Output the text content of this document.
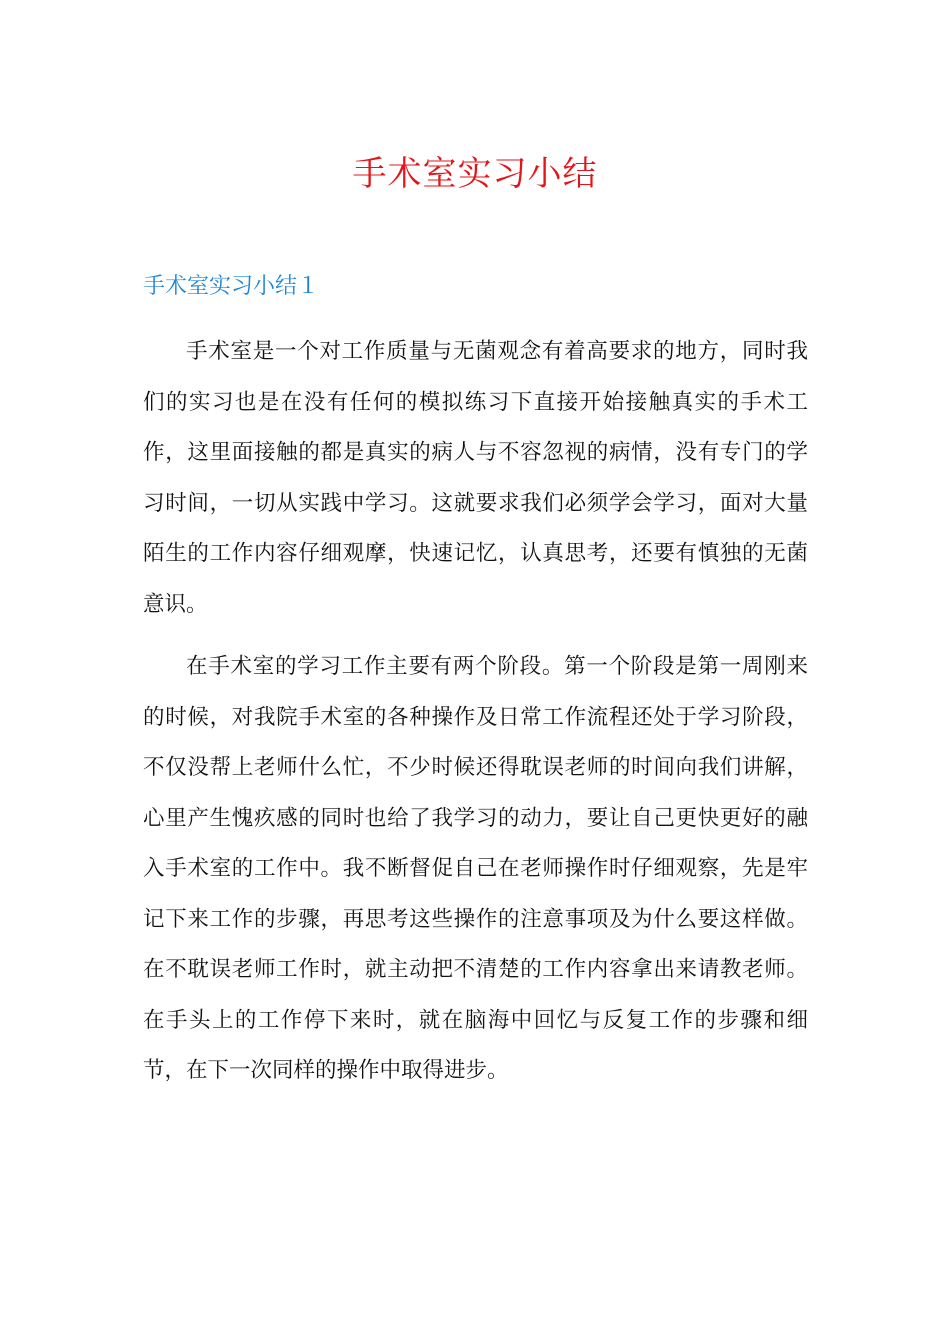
手术室实习小结
手术室实习小结１

手术室是一个对工作质量与无菌观念有着高要求的地方，同时我们的实习也是在没有任何的模拟练习下直接开始接触真实的手术工作，这里面接触的都是真实的病人与不容忽视的病情，没有专门的学习时间，一切从实践中学习。这就要求我们必须学会学习，面对大量陌生的工作内容仔细观摩，快速记忆，认真思考，还要有慎独的无菌意识。

在手术室的学习工作主要有两个阶段。第一个阶段是第一周刚来的时候，对我院手术室的各种操作及日常工作流程还处于学习阶段，不仅没帮上老师什么忙，不少时候还得耽误老师的时间向我们讲解，心里产生愧疚感的同时也给了我学习的动力，要让自己更快更好的融入手术室的工作中。我不断督促自己在老师操作时仔细观察，先是牢记下来工作的步骤，再思考这些操作的注意事项及为什么要这样做。在不耽误老师工作时，就主动把不清楚的工作内容拿出来请教老师。在手头上的工作停下来时，就在脑海中回忆与反复工作的步骤和细节，在下一次同样的操作中取得进步。
